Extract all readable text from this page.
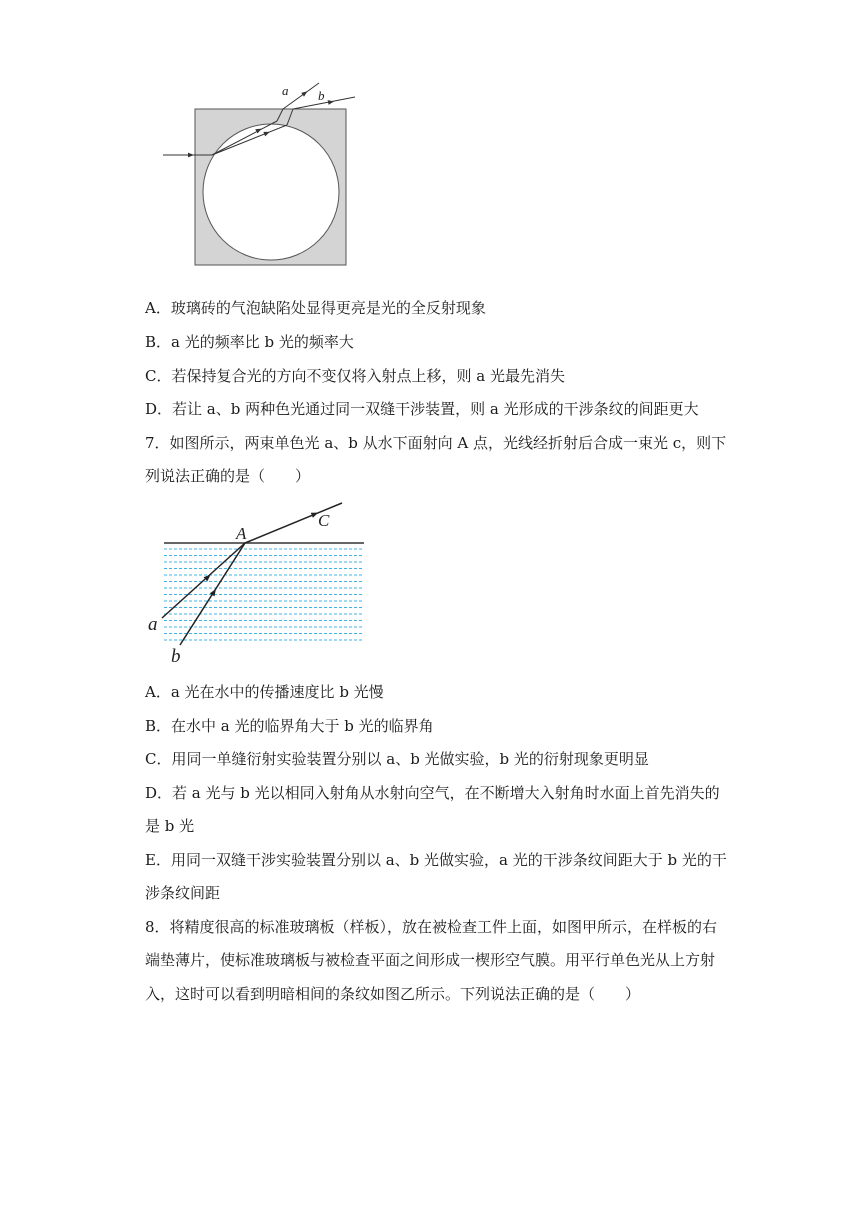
a b
A．玻璃砖的气泡缺陷处显得更亮是光的全反射现象
B．a 光的频率比 b 光的频率大
C．若保持复合光的方向不变仅将入射点上移，则 a 光最先消失
D．若让 a、b 两种色光通过同一双缝干涉装置，则 a 光形成的干涉条纹的间距更大
7．如图所示，两束单色光 a、b 从水下面射向 A 点，光线经折射后合成一束光 c，则下
列说法正确的是（　　）
A
C
a
b
A．a 光在水中的传播速度比 b 光慢
B．在水中 a 光的临界角大于 b 光的临界角
C．用同一单缝衍射实验装置分别以 a、b 光做实验，b 光的衍射现象更明显
D．若 a 光与 b 光以相同入射角从水射向空气，在不断增大入射角时水面上首先消失的
是 b 光
E．用同一双缝干涉实验装置分别以 a、b 光做实验，a 光的干涉条纹间距大于 b 光的干
涉条纹间距
8．将精度很高的标准玻璃板（样板），放在被检查工件上面，如图甲所示，在样板的右
端垫薄片，使标准玻璃板与被检查平面之间形成一楔形空气膜。用平行单色光从上方射
入，这时可以看到明暗相间的条纹如图乙所示。下列说法正确的是（　　）
